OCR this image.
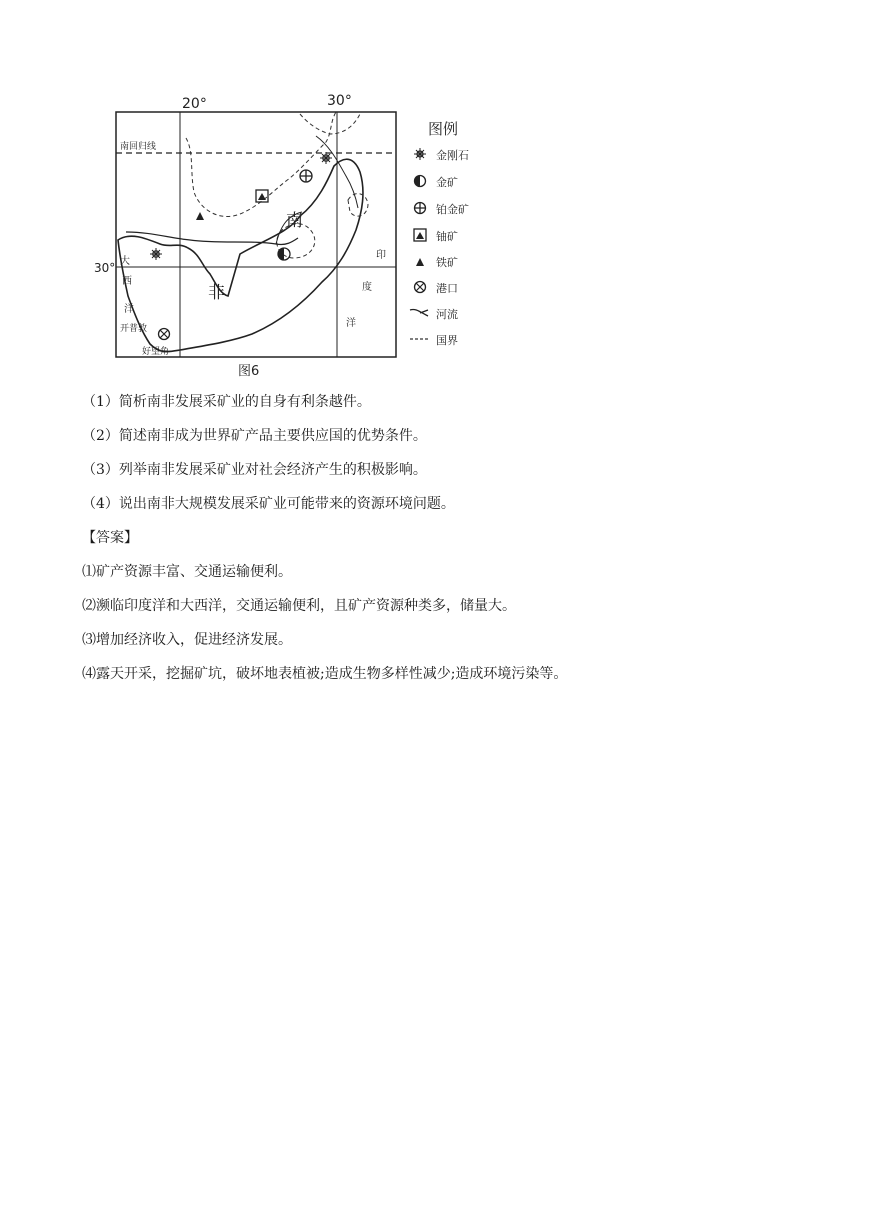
20°	30°
南回归线
30°
南
非
大
西
洋
印
度
洋
开普敦
好望角
图6
图例
金刚石
金矿
铂金矿
铀矿
铁矿
港口
河流
国界
（1）简析南非发展采矿业的自身有利条越件。
（2）简述南非成为世界矿产品主要供应国的优势条件。
（3）列举南非发展采矿业对社会经济产生的积极影响。
（4）说出南非大规模发展采矿业可能带来的资源环境问题。
【答案】
⑴矿产资源丰富、交通运输便利。
⑵濒临印度洋和大西洋，交通运输便利，且矿产资源种类多，储量大。
⑶增加经济收入，促进经济发展。
⑷露天开采，挖掘矿坑，破坏地表植被;造成生物多样性减少;造成环境污染等。
